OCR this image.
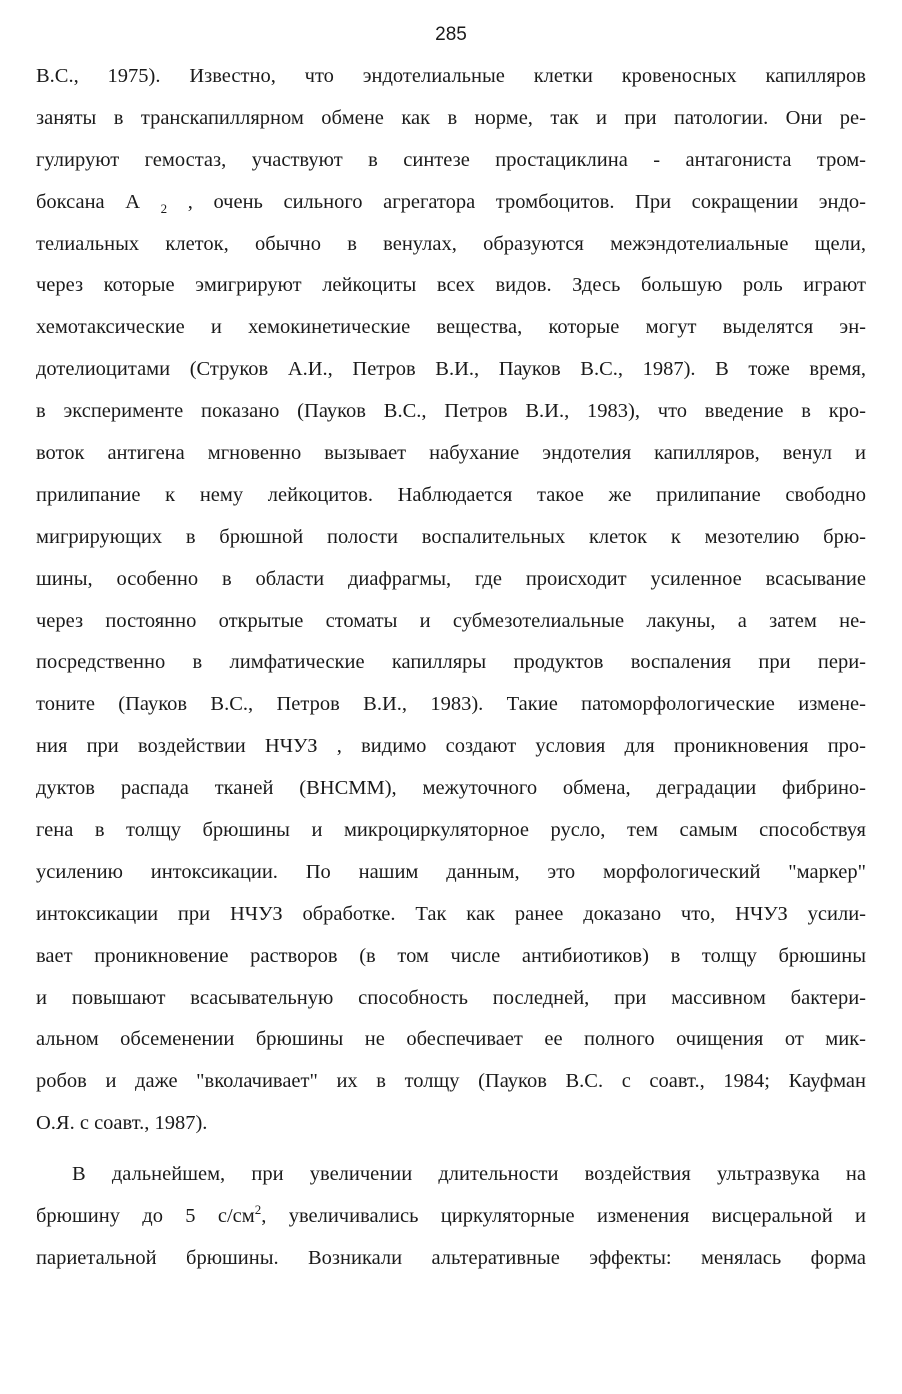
285
В.С., 1975). Известно, что эндотелиальные клетки кровеносных капилляров
заняты в транскапиллярном обмене как в норме, так и при патологии. Они ре-
гулируют гемостаз, участвуют в синтезе простациклина - антагониста тром-
боксана А $_2$ , очень сильного агрегатора тромбоцитов. При сокращении эндо-
телиальных клеток, обычно в венулах, образуются межэндотелиальные щели,
через которые эмигрируют лейкоциты всех видов. Здесь большую роль играют
хемотаксические и хемокинетические вещества, которые могут выделятся эн-
дотелиоцитами (Струков А.И., Петров В.И., Пауков В.С., 1987). В тоже время,
в эксперименте показано (Пауков В.С., Петров В.И., 1983), что введение в кро-
воток антигена мгновенно вызывает набухание эндотелия капилляров, венул и
прилипание к нему лейкоцитов. Наблюдается такое же прилипание свободно
мигрирующих в брюшной полости воспалительных клеток к мезотелию брю-
шины, особенно в области диафрагмы, где происходит усиленное всасывание
через постоянно открытые стоматы и субмезотелиальные лакуны, а затем не-
посредственно в лимфатические капилляры продуктов воспаления при пери-
тоните (Пауков В.С., Петров В.И., 1983). Такие патоморфологические измене-
ния при воздействии НЧУЗ , видимо создают условия для проникновения про-
дуктов распада тканей (ВНСММ), межуточного обмена, деградации фибрино-
гена в толщу брюшины и микроциркуляторное русло, тем самым способствуя
усилению интоксикации. По нашим данным, это морфологический "маркер"
интоксикации при НЧУЗ обработке. Так как ранее доказано что, НЧУЗ усили-
вает проникновение растворов (в том числе антибиотиков) в толщу брюшины
и повышают всасывательную способность последней, при массивном бактери-
альном обсеменении брюшины не обеспечивает ее полного очищения от мик-
робов и даже "вколачивает" их в толщу (Пауков В.С. с соавт., 1984; Кауфман
О.Я. с соавт., 1987).
В дальнейшем, при увеличении длительности воздействия ультразвука на
брюшину до 5 $с/см^2$, увеличивались циркуляторные изменения висцеральной и
париетальной брюшины. Возникали альтеративные эффекты: менялась форма
